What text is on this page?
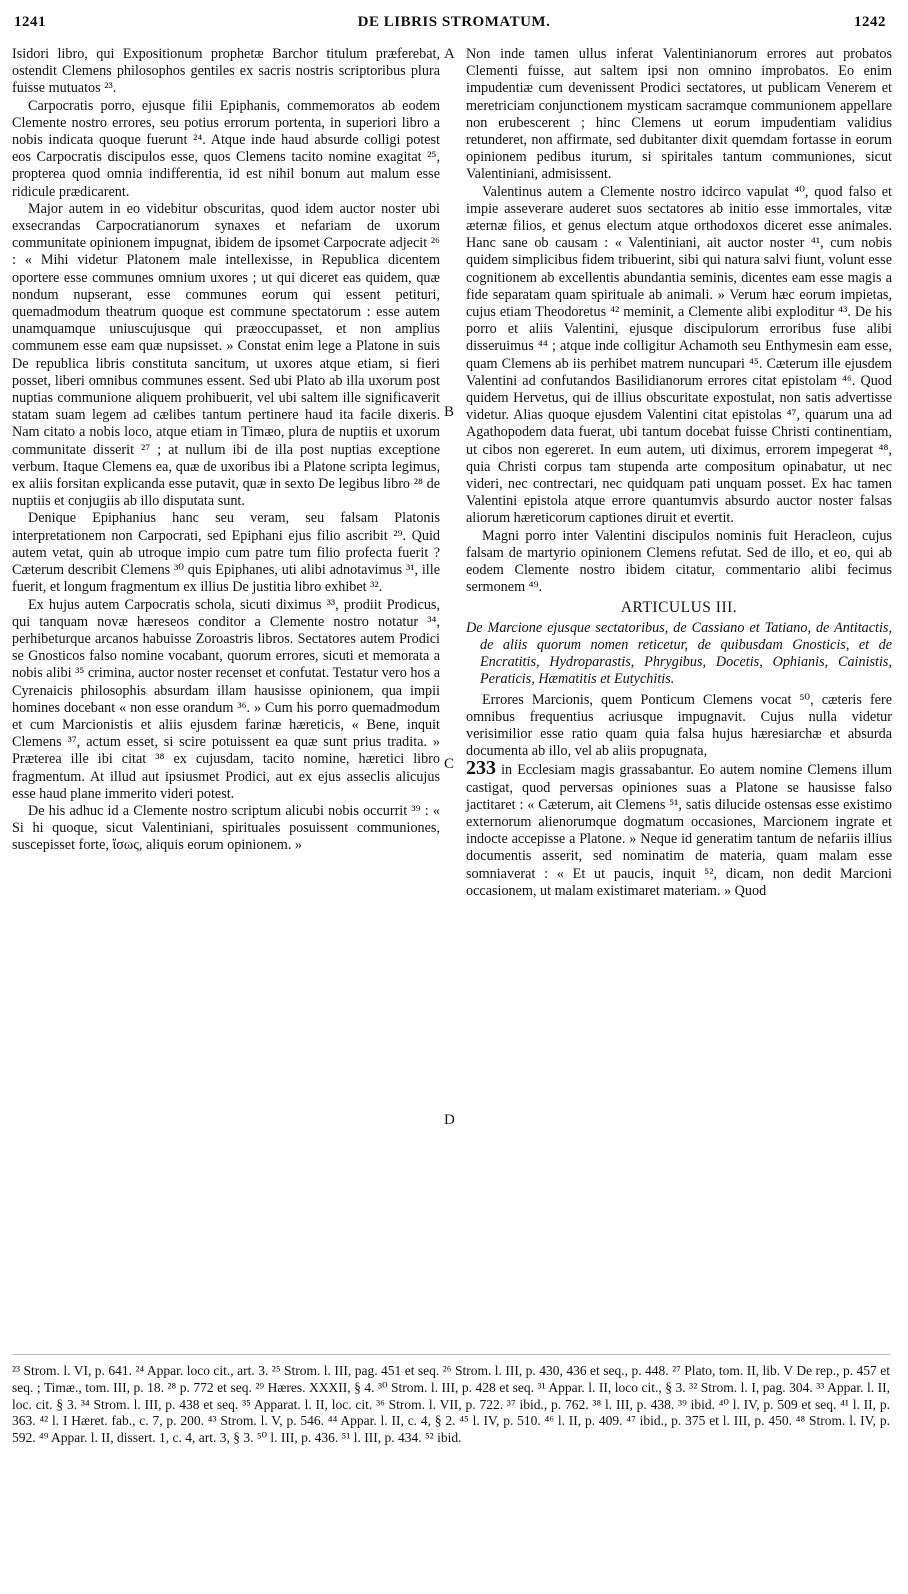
1241	DE LIBRIS STROMATUM.	1242
A
B
C
D

Isidori libro, qui Expositionum prophetæ Barchor titulum præferebat, ostendit Clemens philosophos gentiles ex sacris nostris scriptoribus plura fuisse mutuatos ²³.

Carpocratis porro, ejusque filii Epiphanis, commemoratos ab eodem Clemente nostro errores, seu potius errorum portenta, in superiori libro a nobis indicata quoque fuerunt ²⁴. Atque inde haud absurde colligi potest eos Carpocratis discipulos esse, quos Clemens tacito nomine exagitat ²⁵, propterea quod omnia indifferentia, id est nihil bonum aut malum esse ridicule prædicarent.

Major autem in eo videbitur obscuritas, quod idem auctor noster ubi exsecrandas Carpocratianorum synaxes et nefariam de uxorum communitate opinionem impugnat, ibidem de ipsomet Carpocrate adjecit ²⁶ : « Mihi videtur Platonem male intellexisse, in Republica dicentem oportere esse communes omnium uxores ; ut qui diceret eas quidem, quæ nondum nupserant, esse communes eorum qui essent petituri, quemadmodum theatrum quoque est commune spectatorum : esse autem unamquamque uniuscujusque qui præoccupasset, et non amplius communem esse eam quæ nupsisset. » Constat enim lege a Platone in suis De republica libris constituta sancitum, ut uxores atque etiam, si fieri posset, liberi omnibus communes essent. Sed ubi Plato ab illa uxorum post nuptias communione aliquem prohibuerit, vel ubi saltem ille significaverit statam suam legem ad cælibes tantum pertinere haud ita facile dixeris. Nam citato a nobis loco, atque etiam in Timæo, plura de nuptiis et uxorum communitate disserit ²⁷ ; at nullum ibi de illa post nuptias exceptione verbum. Itaque Clemens ea, quæ de uxoribus ibi a Platone scripta legimus, ex aliis forsitan explicanda esse putavit, quæ in sexto De legibus libro ²⁸ de nuptiis et conjugiis ab illo disputata sunt.

Denique Epiphanius hanc seu veram, seu falsam Platonis interpretationem non Carpocrati, sed Epiphani ejus filio ascribit ²⁹. Quid autem vetat, quin ab utroque impio cum patre tum filio profecta fuerit ? Cæterum describit Clemens ³⁰ quis Epiphanes, uti alibi adnotavimus ³¹, ille fuerit, et longum fragmentum ex illius De justitia libro exhibet ³².

Ex hujus autem Carpocratis schola, sicuti diximus ³³, prodiit Prodicus, qui tanquam novæ hæreseos conditor a Clemente nostro notatur ³⁴, perhibeturque arcanos habuisse Zoroastris libros. Sectatores autem Prodici se Gnosticos falso nomine vocabant, quorum errores, sicuti et memorata a nobis alibi ³⁵ crimina, auctor noster recenset et confutat. Testatur vero hos a Cyrenaicis philosophis absurdam illam hausisse opinionem, qua impii homines docebant « non esse orandum ³⁶. » Cum his porro quemadmodum et cum Marcionistis et aliis ejusdem farinæ hæreticis, « Bene, inquit Clemens ³⁷, actum esset, si scire potuissent ea quæ sunt prius tradita. » Præterea ille ibi citat ³⁸ ex cujusdam, tacito nomine, hæretici libro fragmentum. At illud aut ipsiusmet Prodici, aut ex ejus assеclis alicujus esse haud plane immerito videri potest.

De his adhuc id a Clemente nostro scriptum alicubi nobis occurrit ³⁹ : « Si hi quoque, sicut Valentiniani, spirituales posuissent communiones, suscepisset forte, ἴσως, aliquis eorum opinionem. »

Non inde tamen ullus inferat Valentinianorum errores aut probatos Clementi fuisse, aut saltem ipsi non omnino improbatos. Eo enim impudentiæ cum devenissent Prodici sectatores, ut publicam Venerem et meretriciam conjunctionem mysticam sacramque communionem appellare non erubescerent ; hinc Clemens ut eorum impudentiam validius retunderet, non affirmate, sed dubitanter dixit quemdam fortasse in eorum opinionem pedibus iturum, si spiritales tantum communiones, sicut Valentiniani, admisissent.

Valentinus autem a Clemente nostro idcirco vapulat ⁴⁰, quod falso et impie asseverare auderet suos sectatores ab initio esse immortales, vitæ æternæ filios, et genus electum atque orthodoxos diceret esse animales. Hanc sane ob causam : « Valentiniani, ait auctor noster ⁴¹, cum nobis quidem simplicibus fidem tribuerint, sibi qui natura salvi fiunt, volunt esse cognitionem ab excellentis abundantia seminis, dicentes eam esse magis a fide separatam quam spirituale ab animali. » Verum hæc eorum impietas, cujus etiam Theodoretus ⁴² meminit, a Clemente alibi exploditur ⁴³. De his porro et aliis Valentini, ejusque discipulorum erroribus fuse alibi disseruimus ⁴⁴ ; atque inde colligitur Achamoth seu Enthymesin eam esse, quam Clemens ab iis perhibet matrem nuncupari ⁴⁵. Cæterum ille ejusdem Valentini ad confutandos Basilidianorum errores citat epistolam ⁴⁶. Quod quidem Hervetus, qui de illius obscuritate expostulat, non satis advertisse videtur. Alias quoque ejusdem Valentini citat epistolas ⁴⁷, quarum una ad Agathopodem data fuerat, ubi tantum docebat fuisse Christi continentiam, ut cibos non egereret. In eum autem, uti diximus, errorem impegerat ⁴⁸, quia Christi corpus tam stupenda arte compositum opinabatur, ut nec videri, nec contrectari, nec quidquam pati unquam posset. Ex hac tamen Valentini epistola atque errore quantumvis absurdo auctor noster falsas aliorum hæreticorum captiones diruit et evertit.

Magni porro inter Valentini discipulos nominis fuit Heracleon, cujus falsam de martyrio opinionem Clemens refutat. Sed de illo, et eo, qui ab eodem Clemente nostro ibidem citatur, commentario alibi fecimus sermonem ⁴⁹.

ARTICULUS III.
De Marcione ejusque sectatoribus, de Cassiano et Tatiano, de Antitactis, de aliis quorum nomen reticetur, de quibusdam Gnosticis, et de Encratitis, Hydroparastis, Phrygibus, Docetis, Ophianis, Cainistis, Peraticis, Hæmatitis et Eutychitis.

Errores Marcionis, quem Ponticum Clemens vocat ⁵⁰, cæteris fere omnibus frequentius acriusque impugnavit. Cujus nulla videtur verisimilior esse ratio quam quia falsa hujus hæresiarchæ et absurda documenta ab illo, vel ab aliis propugnata,

233 in Ecclesiam magis grassabantur. Eo autem nomine Clemens illum castigat, quod perversas opiniones suas a Platone se hausisse falso jactitaret : « Cæterum, ait Clemens ⁵¹, satis dilucide ostensas esse existimo externorum alienorumque dogmatum occasiones, Marcionem ingrate et indocte accepisse a Platone. » Neque id generatim tantum de nefariis illius documentis asserit, sed nominatim de materia, quam malam esse somniaverat : « Et ut paucis, inquit ⁵², dicam, non dedit Marcioni occasionem, ut malam existimaret materiam. » Quod

²³ Strom. l. VI, p. 641. ²⁴ Appar. loco cit., art. 3. ²⁵ Strom. l. III, pag. 451 et seq. ²⁶ Strom. l. III, p. 430, 436 et seq., p. 448. ²⁷ Plato, tom. II, lib. V De rep., p. 457 et seq. ; Timæ., tom. III, p. 18. ²⁸ p. 772 et seq. ²⁹ Hæres. XXXII, § 4. ³⁰ Strom. l. III, p. 428 et seq. ³¹ Appar. l. II, loco cit., § 3. ³² Strom. l. I, pag. 304. ³³ Appar. l. II, loc. cit. § 3. ³⁴ Strom. l. III, p. 438 et seq. ³⁵ Apparat. l. II, loc. cit. ³⁶ Strom. l. VII, p. 722. ³⁷ ibid., p. 762. ³⁸ l. III, p. 438. ³⁹ ibid. ⁴⁰ l. IV, p. 509 et seq. ⁴¹ l. II, p. 363. ⁴² l. I Hæret. fab., c. 7, p. 200. ⁴³ Strom. l. V, p. 546. ⁴⁴ Appar. l. II, c. 4, § 2. ⁴⁵ l. IV, p. 510. ⁴⁶ l. II, p. 409. ⁴⁷ ibid., p. 375 et l. III, p. 450. ⁴⁸ Strom. l. IV, p. 592. ⁴⁹ Appar. l. II, dissert. 1, c. 4, art. 3, § 3. ⁵⁰ l. III, p. 436. ⁵¹ l. III, p. 434. ⁵² ibid.
